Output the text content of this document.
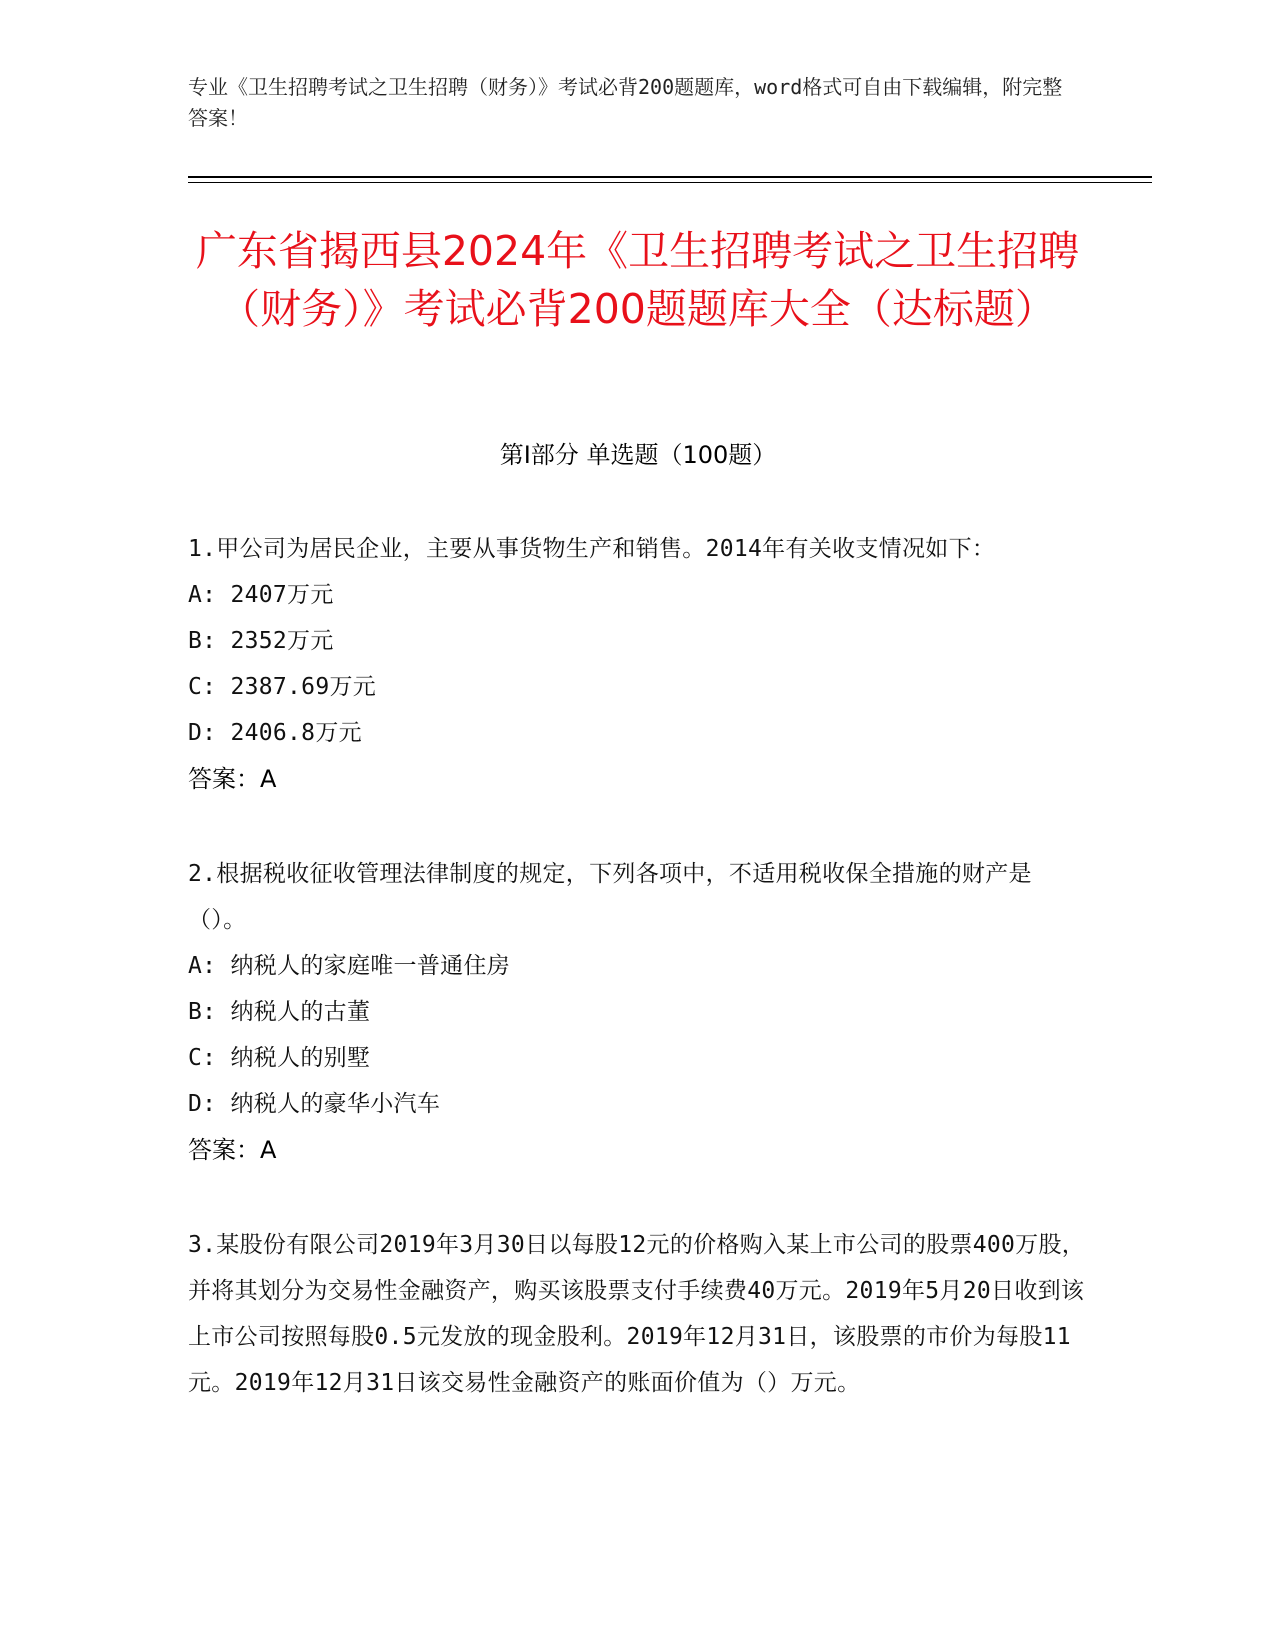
专业《卫生招聘考试之卫生招聘（财务）》考试必背200题题库，word格式可自由下载编辑，附完整答案！
广东省揭西县2024年《卫生招聘考试之卫生招聘（财务）》考试必背200题题库大全（达标题）
第Ⅰ部分 单选题（100题）
1.甲公司为居民企业，主要从事货物生产和销售。2014年有关收支情况如下：
A: 2407万元
B: 2352万元
C: 2387.69万元
D: 2406.8万元
答案：A
2.根据税收征收管理法律制度的规定，下列各项中，不适用税收保全措施的财产是（）。
A: 纳税人的家庭唯一普通住房
B: 纳税人的古董
C: 纳税人的别墅
D: 纳税人的豪华小汽车
答案：A
3.某股份有限公司2019年3月30日以每股12元的价格购入某上市公司的股票400万股，并将其划分为交易性金融资产，购买该股票支付手续费40万元。2019年5月20日收到该上市公司按照每股0.5元发放的现金股利。2019年12月31日，该股票的市价为每股11元。2019年12月31日该交易性金融资产的账面价值为（）万元。
